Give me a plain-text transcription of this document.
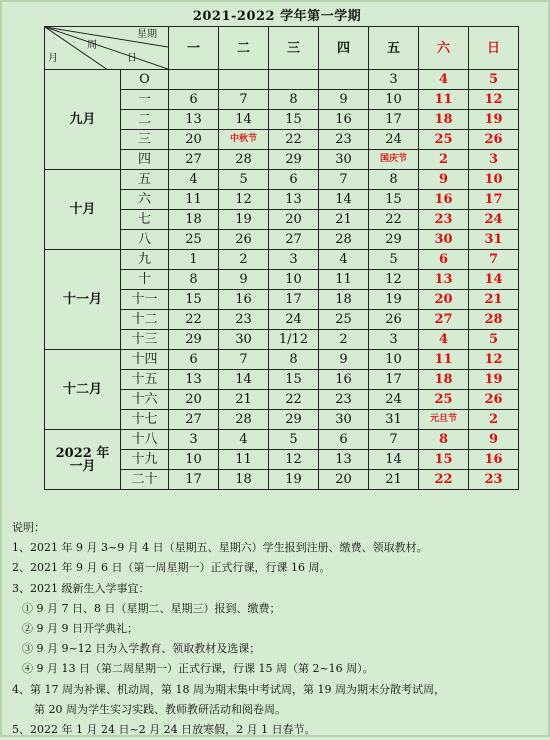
2021-2022 学年第一学期
星期
周
日
月		一	二	三	四	五	六	日
九月	O					3	4	5
	一	6	7	8	9	10	11	12
	二	13	14	15	16	17	18	19
	三	20	中秋节	22	23	24	25	26
	四	27	28	29	30	国庆节	2	3
十月	五	4	5	6	7	8	9	10
	六	11	12	13	14	15	16	17
	七	18	19	20	21	22	23	24
	八	25	26	27	28	29	30	31
十一月	九	1	2	3	4	5	6	7
	十	8	9	10	11	12	13	14
	十一	15	16	17	18	19	20	21
	十二	22	23	24	25	26	27	28
	十三	29	30	1/12	2	3	4	5
十二月	十四	6	7	8	9	10	11	12
	十五	13	14	15	16	17	18	19
	十六	20	21	22	23	24	25	26
	十七	27	28	29	30	31	元旦节	2

2022 年
一月	十八	3	4	5	6	7	8	9
	十九	10	11	12	13	14	15	16
	二十	17	18	19	20	21	22	23
说明：
1、2021 年 9 月 3~9 月 4 日（星期五、星期六）学生报到注册、缴费、领取教材。
2、2021 年 9 月 6 日（第一周星期一）正式行课，行课 16 周。
3、2021 级新生入学事宜：
① 9 月 7 日、8 日（星期二、星期三）报到、缴费；
② 9 月 9 日开学典礼；
③ 9 月 9~12 日为入学教育、领取教材及选课；
④ 9 月 13 日（第二周星期一）正式行课，行课 15 周（第 2~16 周）。
4、第 17 周为补课、机动周，第 18 周为期末集中考试周，第 19 周为期末分散考试周，
第 20 周为学生实习实践、教师教研活动和阅卷周。
5、2022 年 1 月 24 日~2 月 24 日放寒假，2 月 1 日春节。
